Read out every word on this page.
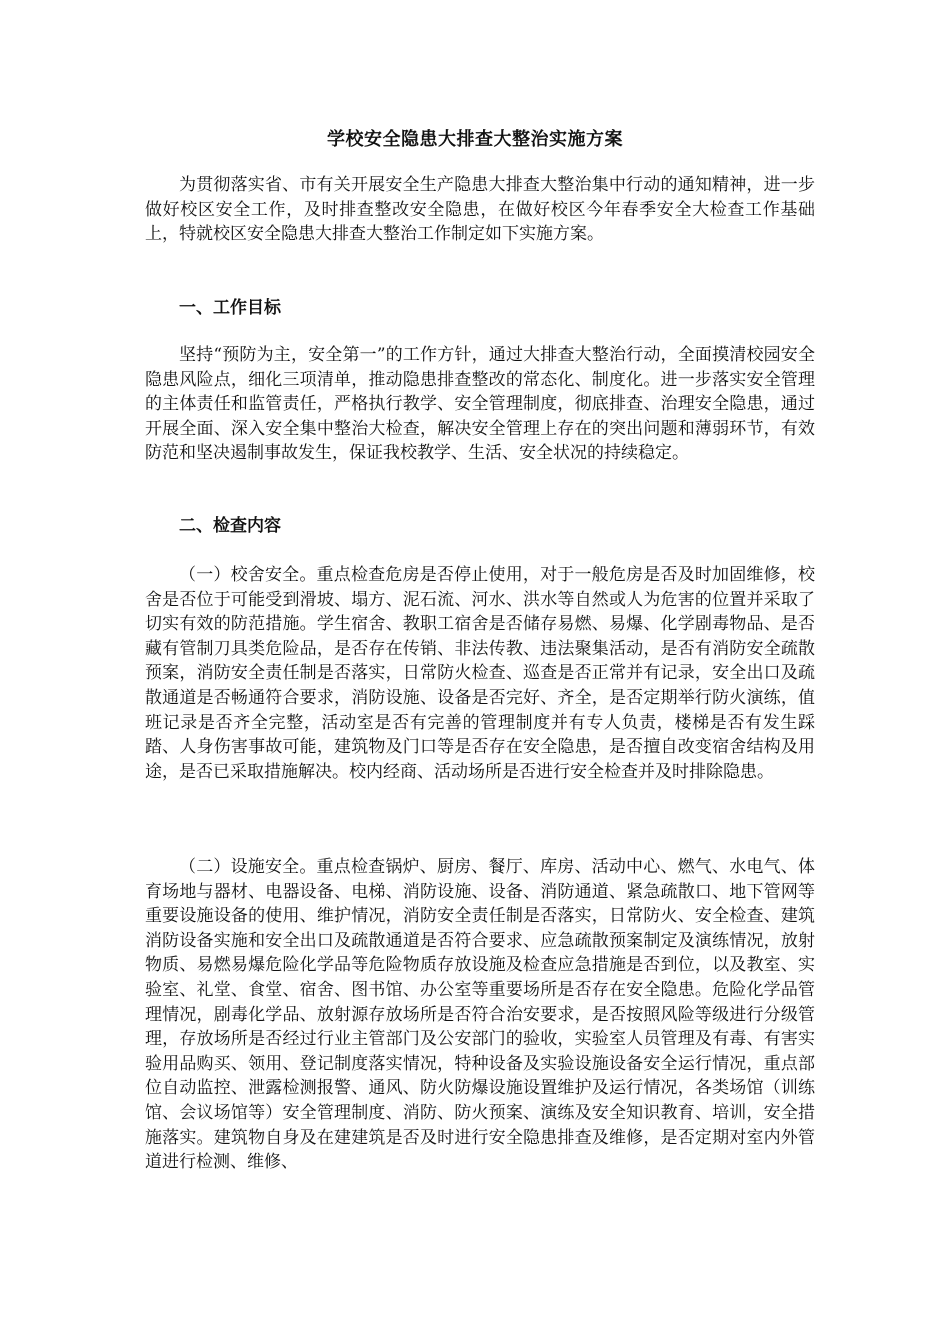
学校安全隐患大排查大整治实施方案

为贯彻落实省、市有关开展安全生产隐患大排查大整治集中行动的通知精神，进一步做好校区安全工作，及时排查整改安全隐患，在做好校区今年春季安全大检查工作基础上，特就校区安全隐患大排查大整治工作制定如下实施方案。

一、工作目标

坚持“预防为主，安全第一”的工作方针，通过大排查大整治行动，全面摸清校园安全隐患风险点，细化三项清单，推动隐患排查整改的常态化、制度化。进一步落实安全管理的主体责任和监管责任，严格执行教学、安全管理制度，彻底排查、治理安全隐患，通过开展全面、深入安全集中整治大检查，解决安全管理上存在的突出问题和薄弱环节，有效防范和坚决遏制事故发生，保证我校教学、生活、安全状况的持续稳定。

二、检查内容

（一）校舍安全。重点检查危房是否停止使用，对于一般危房是否及时加固维修，校舍是否位于可能受到滑坡、塌方、泥石流、河水、洪水等自然或人为危害的位置并采取了切实有效的防范措施。学生宿舍、教职工宿舍是否储存易燃、易爆、化学剧毒物品、是否藏有管制刀具类危险品，是否存在传销、非法传教、违法聚集活动，是否有消防安全疏散预案，消防安全责任制是否落实，日常防火检查、巡查是否正常并有记录，安全出口及疏散通道是否畅通符合要求，消防设施、设备是否完好、齐全，是否定期举行防火演练，值班记录是否齐全完整，活动室是否有完善的管理制度并有专人负责，楼梯是否有发生踩踏、人身伤害事故可能，建筑物及门口等是否存在安全隐患，是否擅自改变宿舍结构及用途，是否已采取措施解决。校内经商、活动场所是否进行安全检查并及时排除隐患。

（二）设施安全。重点检查锅炉、厨房、餐厅、库房、活动中心、燃气、水电气、体育场地与器材、电器设备、电梯、消防设施、设备、消防通道、紧急疏散口、地下管网等重要设施设备的使用、维护情况，消防安全责任制是否落实，日常防火、安全检查、建筑消防设备实施和安全出口及疏散通道是否符合要求、应急疏散预案制定及演练情况，放射物质、易燃易爆危险化学品等危险物质存放设施及检查应急措施是否到位，以及教室、实验室、礼堂、食堂、宿舍、图书馆、办公室等重要场所是否存在安全隐患。危险化学品管理情况，剧毒化学品、放射源存放场所是否符合治安要求，是否按照风险等级进行分级管理，存放场所是否经过行业主管部门及公安部门的验收，实验室人员管理及有毒、有害实验用品购买、领用、登记制度落实情况，特种设备及实验设施设备安全运行情况，重点部位自动监控、泄露检测报警、通风、防火防爆设施设置维护及运行情况，各类场馆（训练馆、会议场馆等）安全管理制度、消防、防火预案、演练及安全知识教育、培训，安全措施落实。建筑物自身及在建建筑是否及时进行安全隐患排查及维修，是否定期对室内外管道进行检测、维修、
